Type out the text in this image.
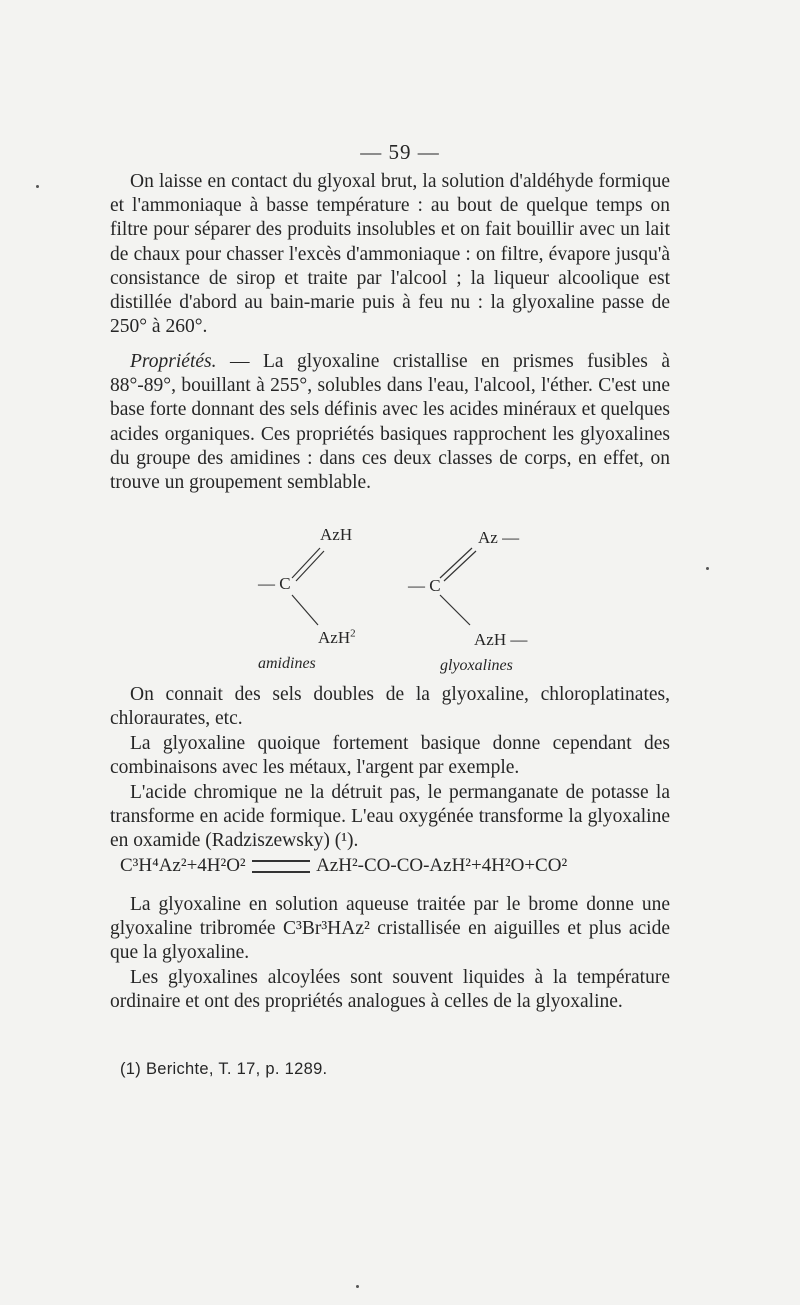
— 59 —
On laisse en contact du glyoxal brut, la solution d'aldéhyde formique et l'ammoniaque à basse température : au bout de quelque temps on filtre pour séparer des produits insolubles et on fait bouillir avec un lait de chaux pour chasser l'excès d'ammoniaque : on filtre, évapore jusqu'à consistance de sirop et traite par l'alcool ; la liqueur alcoolique est distillée d'abord au bain-marie puis à feu nu : la glyoxaline passe de 250° à 260°.
Propriétés. — La glyoxaline cristallise en prismes fusibles à 88°-89°, bouillant à 255°, solubles dans l'eau, l'alcool, l'éther. C'est une base forte donnant des sels définis avec les acides minéraux et quelques acides organiques. Ces propriétés basiques rapprochent les glyoxalines du groupe des amidines : dans ces deux classes de corps, en effet, on trouve un groupement semblable.
AzH
— C
AzH$^2$
amidines
Az —
— C
AzH —
glyoxalines
On connait des sels doubles de la glyoxaline, chloroplatinates, chloraurates, etc.
La glyoxaline quoique fortement basique donne cependant des combinaisons avec les métaux, l'argent par exemple.
L'acide chromique ne la détruit pas, le permanganate de potasse la transforme en acide formique. L'eau oxygénée transforme la glyoxaline en oxamide (Radziszewsky) (¹).
C³H⁴Az²+4H²O²	AzH²-CO-CO-AzH²+4H²O+CO²
La glyoxaline en solution aqueuse traitée par le brome donne une glyoxaline tribromée C³Br³HAz² cristallisée en aiguilles et plus acide que la glyoxaline.
Les glyoxalines alcoylées sont souvent liquides à la température ordinaire et ont des propriétés analogues à celles de la glyoxaline.
(1) Berichte, T. 17, p. 1289.
